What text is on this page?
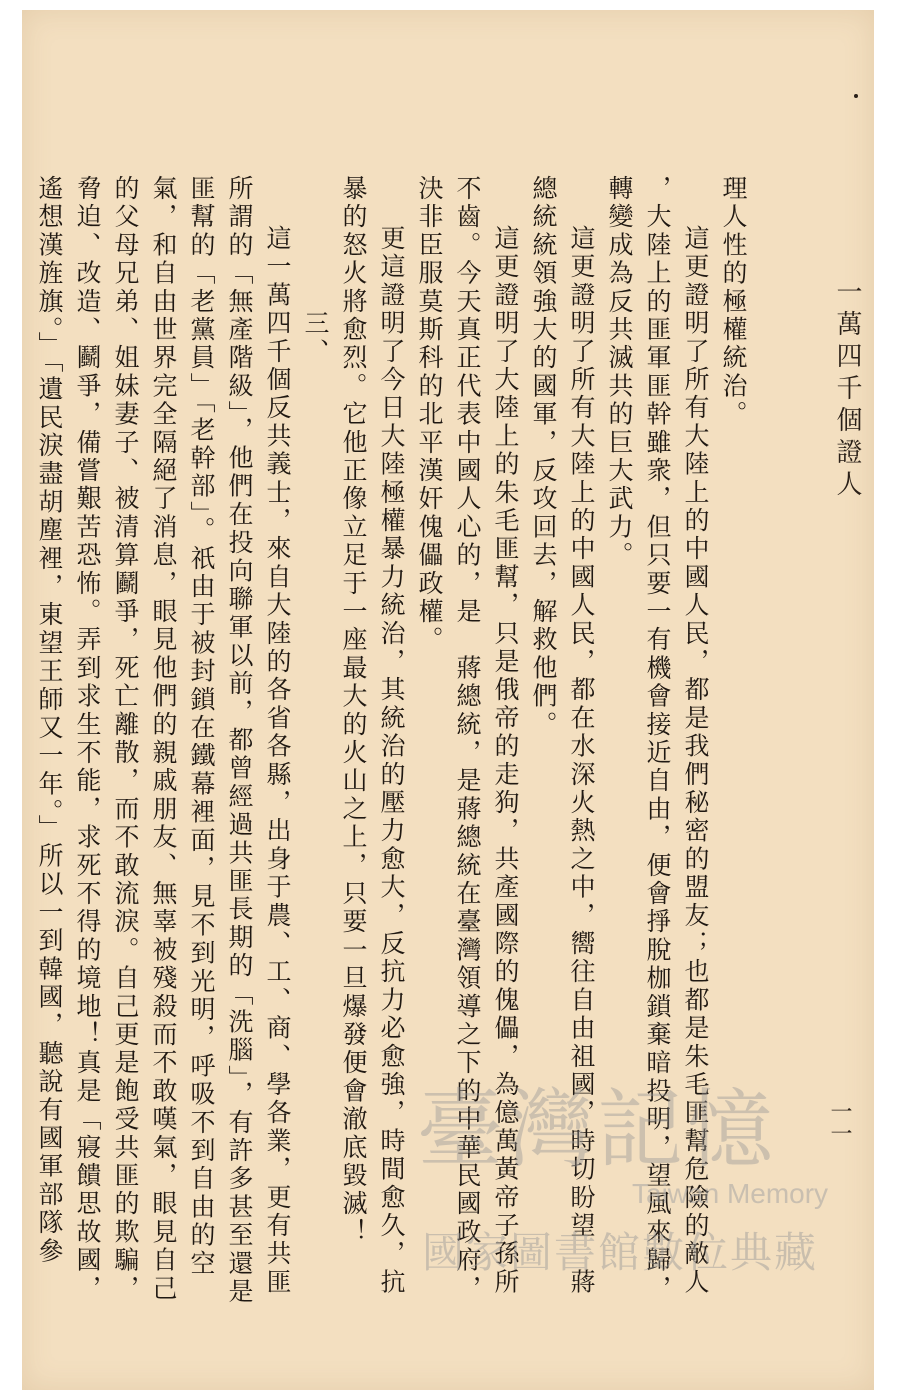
一萬四千個證人
一一
理人性的極權統治。
這更證明了所有大陸上的中國人民，都是我們秘密的盟友；也都是朱毛匪幫危險的敵人
，大陸上的匪軍匪幹雖衆，但只要一有機會接近自由，便會掙脫枷鎖棄暗投明，望風來歸，
轉變成為反共滅共的巨大武力。
這更證明了所有大陸上的中國人民，都在水深火熱之中，嚮往自由祖國，時切盼望　蔣
總統統領強大的國軍，反攻回去，解救他們。
這更證明了大陸上的朱毛匪幫，只是俄帝的走狗，共產國際的傀儡，為億萬黃帝子孫所
不齒。今天真正代表中國人心的，是　蔣總統，是蔣總統在臺灣領導之下的中華民國政府，
決非臣服莫斯科的北平漢奸傀儡政權。
更這證明了今日大陸極權暴力統治，其統治的壓力愈大，反抗力必愈強，時間愈久，抗
暴的怒火將愈烈。它他正像立足于一座最大的火山之上，只要一旦爆發便會澈底毀滅！
三、
這一萬四千個反共義士，來自大陸的各省各縣，出身于農、工、商、學各業，更有共匪
所謂的「無產階級」，他們在投向聯軍以前，都曾經過共匪長期的「洗腦」，有許多甚至還是
匪幫的「老黨員」「老幹部」。祇由于被封鎖在鐵幕裡面，見不到光明，呼吸不到自由的空
氣，和自由世界完全隔絕了消息，眼見他們的親戚朋友、無辜被殘殺而不敢嘆氣，眼見自己
的父母兄弟、姐妹妻子、被清算鬬爭，死亡離散，而不敢流淚。自己更是飽受共匪的欺騙，
脅迫、改造、鬬爭，備嘗艱苦恐怖。弄到求生不能，求死不得的境地！真是「寢饋思故國，
遙想漢旌旗。」「遺民淚盡胡塵裡，東望王師又一年。」所以一到韓國，聽說有國軍部隊參	臺灣記憶
Taiwan Memory
國家圖書館數位典藏
